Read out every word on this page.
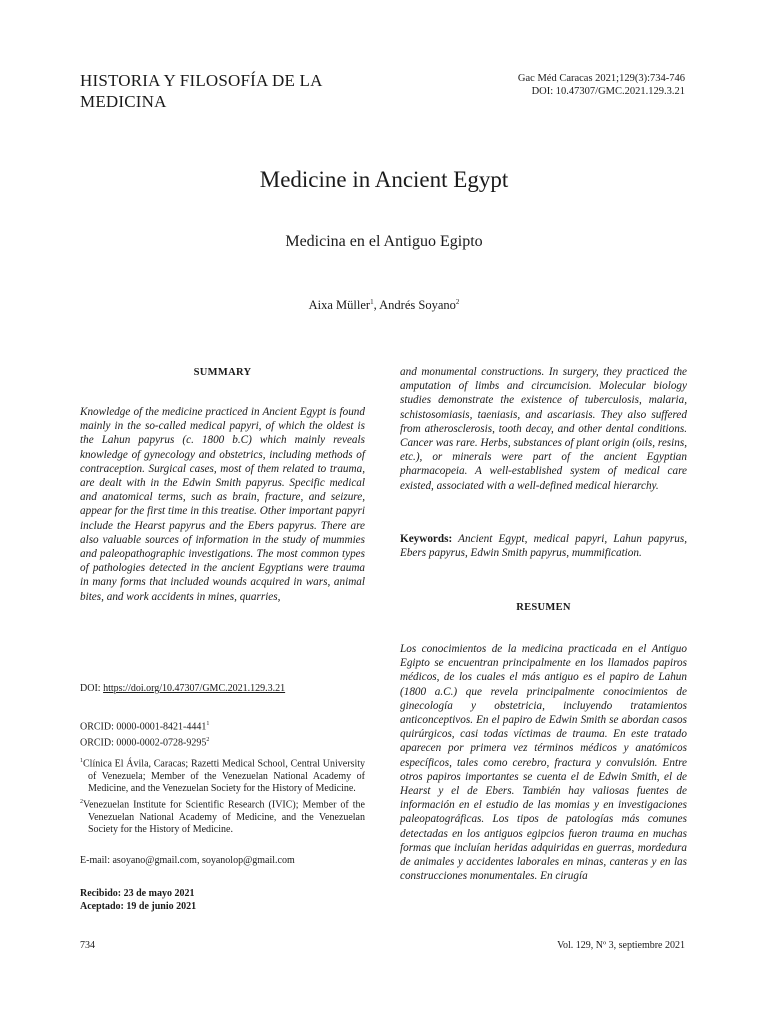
HISTORIA Y FILOSOFÍA DE LA
MEDICINA
Gac Méd Caracas 2021;129(3):734-746
DOI: 10.47307/GMC.2021.129.3.21
Medicine in Ancient Egypt
Medicina en el Antiguo Egipto
Aixa Müller$^1$, Andrés Soyano$^2$
SUMMARY

Knowledge of the medicine practiced in Ancient Egypt is found mainly in the so-called medical papyri, of which the oldest is the Lahun papyrus (c. 1800 b.C) which mainly reveals knowledge of gynecology and obstetrics, including methods of contraception. Surgical cases, most of them related to trauma, are dealt with in the Edwin Smith papyrus. Specific medical and anatomical terms, such as brain, fracture, and seizure, appear for the first time in this treatise. Other important papyri include the Hearst papyrus and the Ebers papyrus. There are also valuable sources of information in the study of mummies and paleopathographic investigations. The most common types of pathologies detected in the ancient Egyptians were trauma in many forms that included wounds acquired in wars, animal bites, and work accidents in mines, quarries,

DOI: https://doi.org/10.47307/GMC.2021.129.3.21

ORCID: 0000-0001-8421-4441$^1$

ORCID: 0000-0002-0728-9295$^2$

$^1$Clínica El Ávila, Caracas; Razetti Medical School, Central University of Venezuela; Member of the Venezuelan National Academy of Medicine, and the Venezuelan Society for the History of Medicine.

$^2$Venezuelan Institute for Scientific Research (IVIC); Member of the Venezuelan National Academy of Medicine, and the Venezuelan Society for the History of Medicine.

E-mail: asoyano@gmail.com, soyanolop@gmail.com

Recibido: 23 de mayo 2021

Aceptado: 19 de junio 2021

and monumental constructions. In surgery, they practiced the amputation of limbs and circumcision. Molecular biology studies demonstrate the existence of tuberculosis, malaria, schistosomiasis, taeniasis, and ascariasis. They also suffered from atherosclerosis, tooth decay, and other dental conditions. Cancer was rare. Herbs, substances of plant origin (oils, resins, etc.), or minerals were part of the ancient Egyptian pharmacopeia. A well-established system of medical care existed, associated with a well-defined medical hierarchy.

Keywords: Ancient Egypt, medical papyri, Lahun papyrus, Ebers papyrus, Edwin Smith papyrus, mummification.

RESUMEN

Los conocimientos de la medicina practicada en el Antiguo Egipto se encuentran principalmente en los llamados papiros médicos, de los cuales el más antiguo es el papiro de Lahun (1800 a.C.) que revela principalmente conocimientos de ginecología y obstetricia, incluyendo tratamientos anticonceptivos. En el papiro de Edwin Smith se abordan casos quirúrgicos, casi todas víctimas de trauma. En este tratado aparecen por primera vez términos médicos y anatómicos específicos, tales como cerebro, fractura y convulsión. Entre otros papiros importantes se cuenta el de Edwin Smith, el de Hearst y el de Ebers. También hay valiosas fuentes de información en el estudio de las momias y en investigaciones paleopatográficas. Los tipos de patologías más comunes detectadas en los antiguos egipcios fueron trauma en muchas formas que incluían heridas adquiridas en guerras, mordedura de animales y accidentes laborales en minas, canteras y en las construcciones monumentales. En cirugía

734	Vol. 129, Nº 3, septiembre 2021
